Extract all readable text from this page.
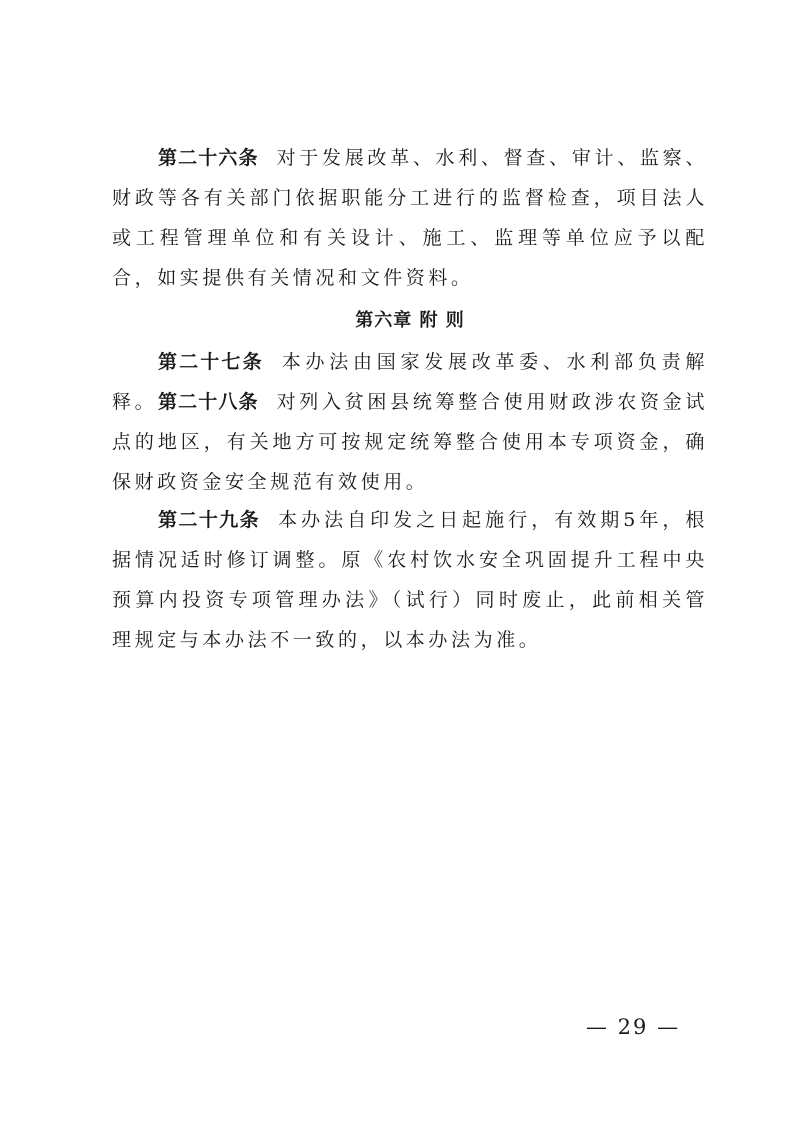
第二十六条 对于发展改革、水利、督查、审计、监察、财政等各有关部门依据职能分工进行的监督检查，项目法人或工程管理单位和有关设计、施工、监理等单位应予以配合，如实提供有关情况和文件资料。

第六章 附 则

第二十七条 本办法由国家发展改革委、水利部负责解释。 第二十八条 对列入贫困县统筹整合使用财政涉农资金试点的地区，有关地方可按规定统筹整合使用本专项资金，确保财政资金安全规范有效使用。

第二十九条 本办法自印发之日起施行，有效期5年，根据情况适时修订调整。原《农村饮水安全巩固提升工程中央预算内投资专项管理办法》（试行）同时废止，此前相关管理规定与本办法不一致的，以本办法为准。

— 29 —
